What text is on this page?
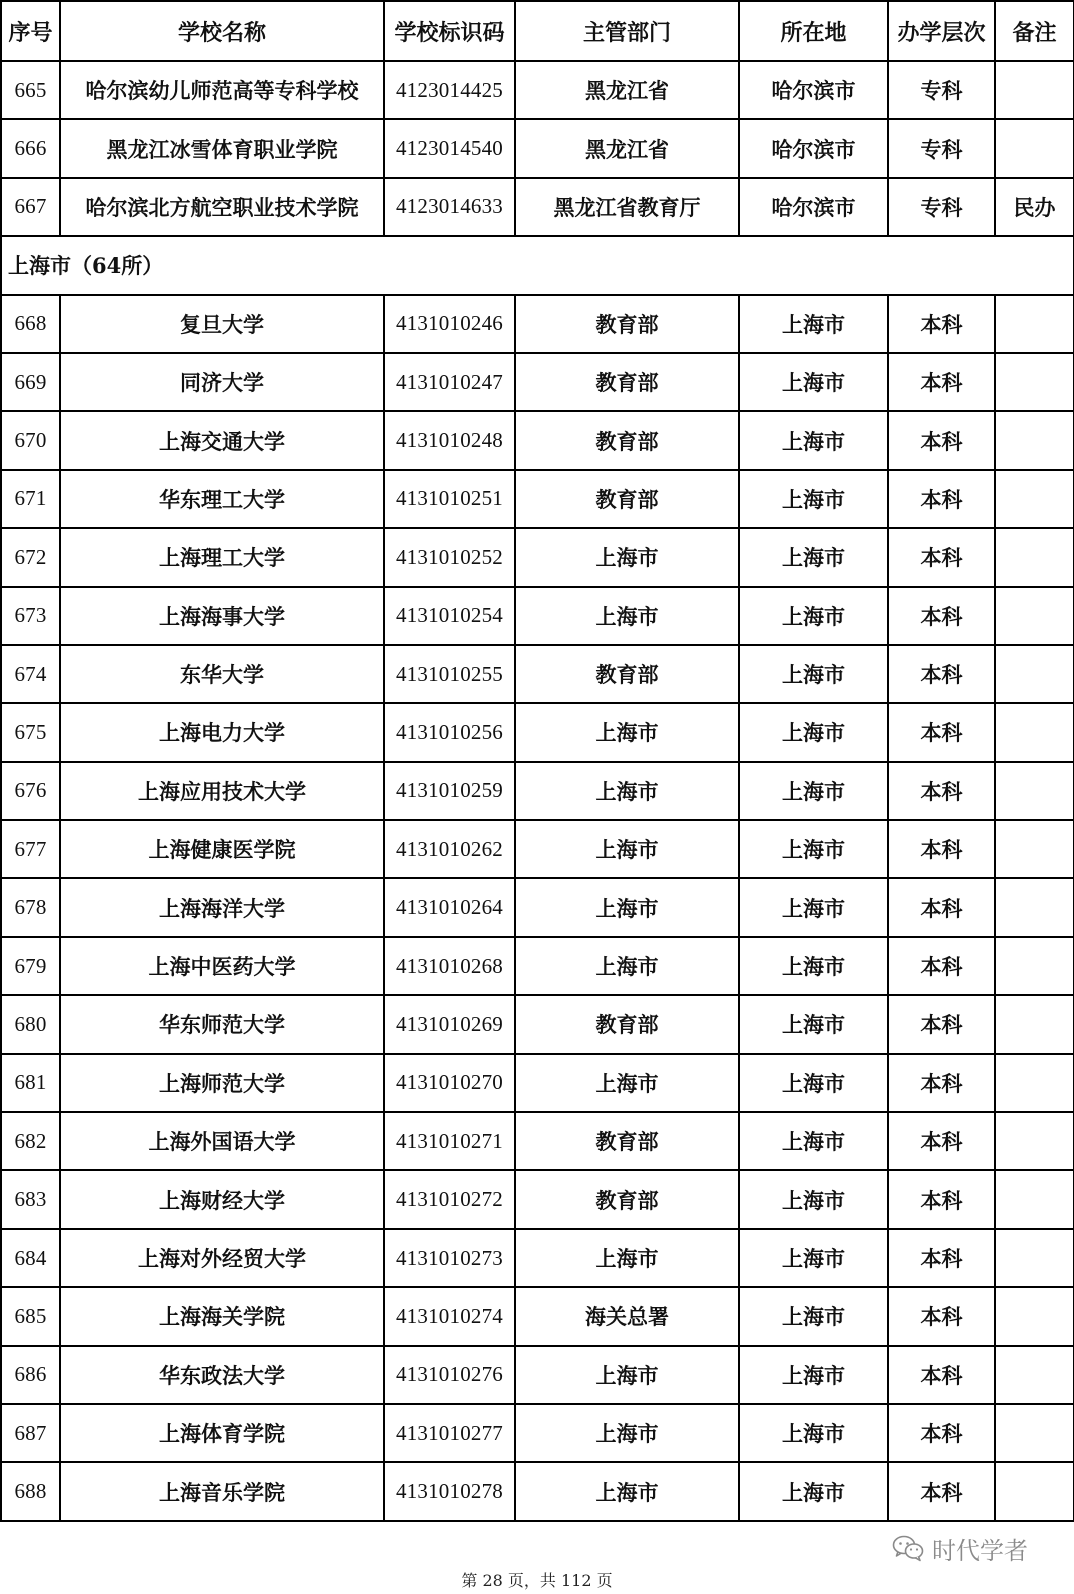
序号	学校名称	学校标识码	主管部门	所在地	办学层次	备注
665	哈尔滨幼儿师范高等专科学校	4123014425	黑龙江省	哈尔滨市	专科	
666	黑龙江冰雪体育职业学院	4123014540	黑龙江省	哈尔滨市	专科	
667	哈尔滨北方航空职业技术学院	4123014633	黑龙江省教育厅	哈尔滨市	专科	民办
上海市（64所）						
668	复旦大学	4131010246	教育部	上海市	本科	
669	同济大学	4131010247	教育部	上海市	本科	
670	上海交通大学	4131010248	教育部	上海市	本科	
671	华东理工大学	4131010251	教育部	上海市	本科	
672	上海理工大学	4131010252	上海市	上海市	本科	
673	上海海事大学	4131010254	上海市	上海市	本科	
674	东华大学	4131010255	教育部	上海市	本科	
675	上海电力大学	4131010256	上海市	上海市	本科	
676	上海应用技术大学	4131010259	上海市	上海市	本科	
677	上海健康医学院	4131010262	上海市	上海市	本科	
678	上海海洋大学	4131010264	上海市	上海市	本科	
679	上海中医药大学	4131010268	上海市	上海市	本科	
680	华东师范大学	4131010269	教育部	上海市	本科	
681	上海师范大学	4131010270	上海市	上海市	本科	
682	上海外国语大学	4131010271	教育部	上海市	本科	
683	上海财经大学	4131010272	教育部	上海市	本科	
684	上海对外经贸大学	4131010273	上海市	上海市	本科	
685	上海海关学院	4131010274	海关总署	上海市	本科	
686	华东政法大学	4131010276	上海市	上海市	本科	
687	上海体育学院	4131010277	上海市	上海市	本科	
688	上海音乐学院	4131010278	上海市	上海市	本科	
时代学者
第 28 页，共 112 页
